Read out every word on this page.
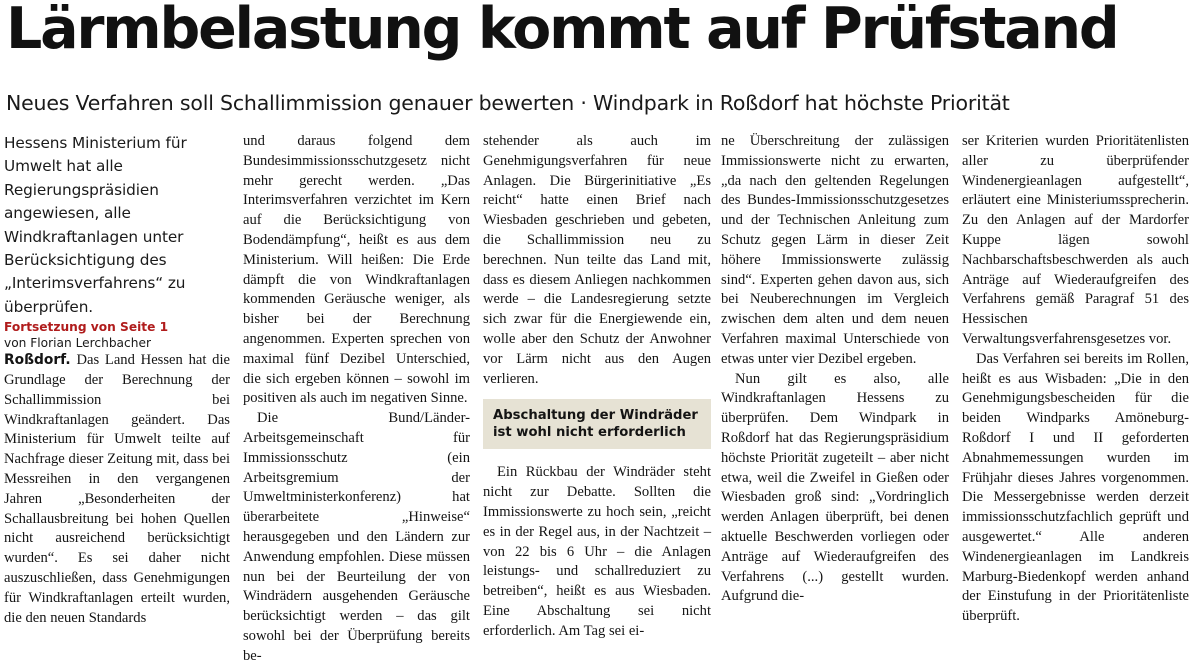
Lärmbelastung kommt auf Prüfstand
Neues Verfahren soll Schallimmission genauer bewerten · Windpark in Roßdorf hat höchste Priorität

Hessens Ministerium für Umwelt hat alle Regierungspräsidien angewiesen, alle Windkraftanlagen unter Berücksichtigung des „Interimsverfahrens“ zu überprüfen.

Fortsetzung von Seite 1

von Florian Lerchbacher

Roßdorf. Das Land Hessen hat die Grundlage der Berechnung der Schallimmission bei Windkraftanlagen geändert. Das Ministerium für Umwelt teilte auf Nachfrage dieser Zeitung mit, dass bei Messreihen in den vergangenen Jahren „Besonderheiten der Schallausbreitung bei hohen Quellen nicht ausreichend berücksichtigt wurden“. Es sei daher nicht auszuschließen, dass Genehmigungen für Windkraftanlagen erteilt wurden, die den neuen Standards

und daraus folgend dem Bundesimmissionsschutzgesetz nicht mehr gerecht werden. „Das Interimsverfahren verzichtet im Kern auf die Berücksichtigung von Bodendämpfung“, heißt es aus dem Ministerium. Will heißen: Die Erde dämpft die von Windkraftanlagen kommenden Geräusche weniger, als bisher bei der Berechnung angenommen. Experten sprechen von maximal fünf Dezibel Unterschied, die sich ergeben können – sowohl im positiven als auch im negativen Sinne.

Die Bund/Länder-Arbeitsgemeinschaft für Immissionsschutz (ein Arbeitsgremium der Umweltministerkonferenz) hat überarbeitete „Hinweise“ herausgegeben und den Ländern zur Anwendung empfohlen. Diese müssen nun bei der Beurteilung der von Windrädern ausgehenden Geräusche berücksichtigt werden – das gilt sowohl bei der Überprüfung bereits be-

stehender als auch im Genehmigungsverfahren für neue Anlagen. Die Bürgerinitiative „Es reicht“ hatte einen Brief nach Wiesbaden geschrieben und gebeten, die Schallimmission neu zu berechnen. Nun teilte das Land mit, dass es diesem Anliegen nachkommen werde – die Landesregierung setzte sich zwar für die Energiewende ein, wolle aber den Schutz der Anwohner vor Lärm nicht aus den Augen verlieren.

Abschaltung der Windräder
ist wohl nicht erforderlich

Ein Rückbau der Windräder steht nicht zur Debatte. Sollten die Immissionswerte zu hoch sein, „reicht es in der Regel aus, in der Nachtzeit – von 22 bis 6 Uhr – die Anlagen leistungs- und schallreduziert zu betreiben“, heißt es aus Wiesbaden. Eine Abschaltung sei nicht erforderlich. Am Tag sei ei-

ne Überschreitung der zulässigen Immissionswerte nicht zu erwarten, „da nach den geltenden Regelungen des Bundes-Immissionsschutzgesetzes und der Technischen Anleitung zum Schutz gegen Lärm in dieser Zeit höhere Immissionswerte zulässig sind“. Experten gehen davon aus, sich bei Neuberechnungen im Vergleich zwischen dem alten und dem neuen Verfahren maximal Unterschiede von etwas unter vier Dezibel ergeben.

Nun gilt es also, alle Windkraftanlagen Hessens zu überprüfen. Dem Windpark in Roßdorf hat das Regierungspräsidium höchste Priorität zugeteilt – aber nicht etwa, weil die Zweifel in Gießen oder Wiesbaden groß sind: „Vordringlich werden Anlagen überprüft, bei denen aktuelle Beschwerden vorliegen oder Anträge auf Wiederaufgreifen des Verfahrens (...) gestellt wurden. Aufgrund die-

ser Kriterien wurden Prioritätenlisten aller zu überprüfender Windenergieanlagen aufgestellt“, erläutert eine Ministeriumssprecherin. Zu den Anlagen auf der Mardorfer Kuppe lägen sowohl Nachbarschaftsbeschwerden als auch Anträge auf Wiederaufgreifen des Verfahrens gemäß Paragraf 51 des Hessischen Verwaltungsverfahrensgesetzes vor.

Das Verfahren sei bereits im Rollen, heißt es aus Wisbaden: „Die in den Genehmigungsbescheiden für die beiden Windparks Amöneburg-Roßdorf I und II geforderten Abnahmemessungen wurden im Frühjahr dieses Jahres vorgenommen. Die Messergebnisse werden derzeit immissionsschutzfachlich geprüft und ausgewertet.“ Alle anderen Windenergieanlagen im Landkreis Marburg-Biedenkopf werden anhand der Einstufung in der Prioritätenliste überprüft.
